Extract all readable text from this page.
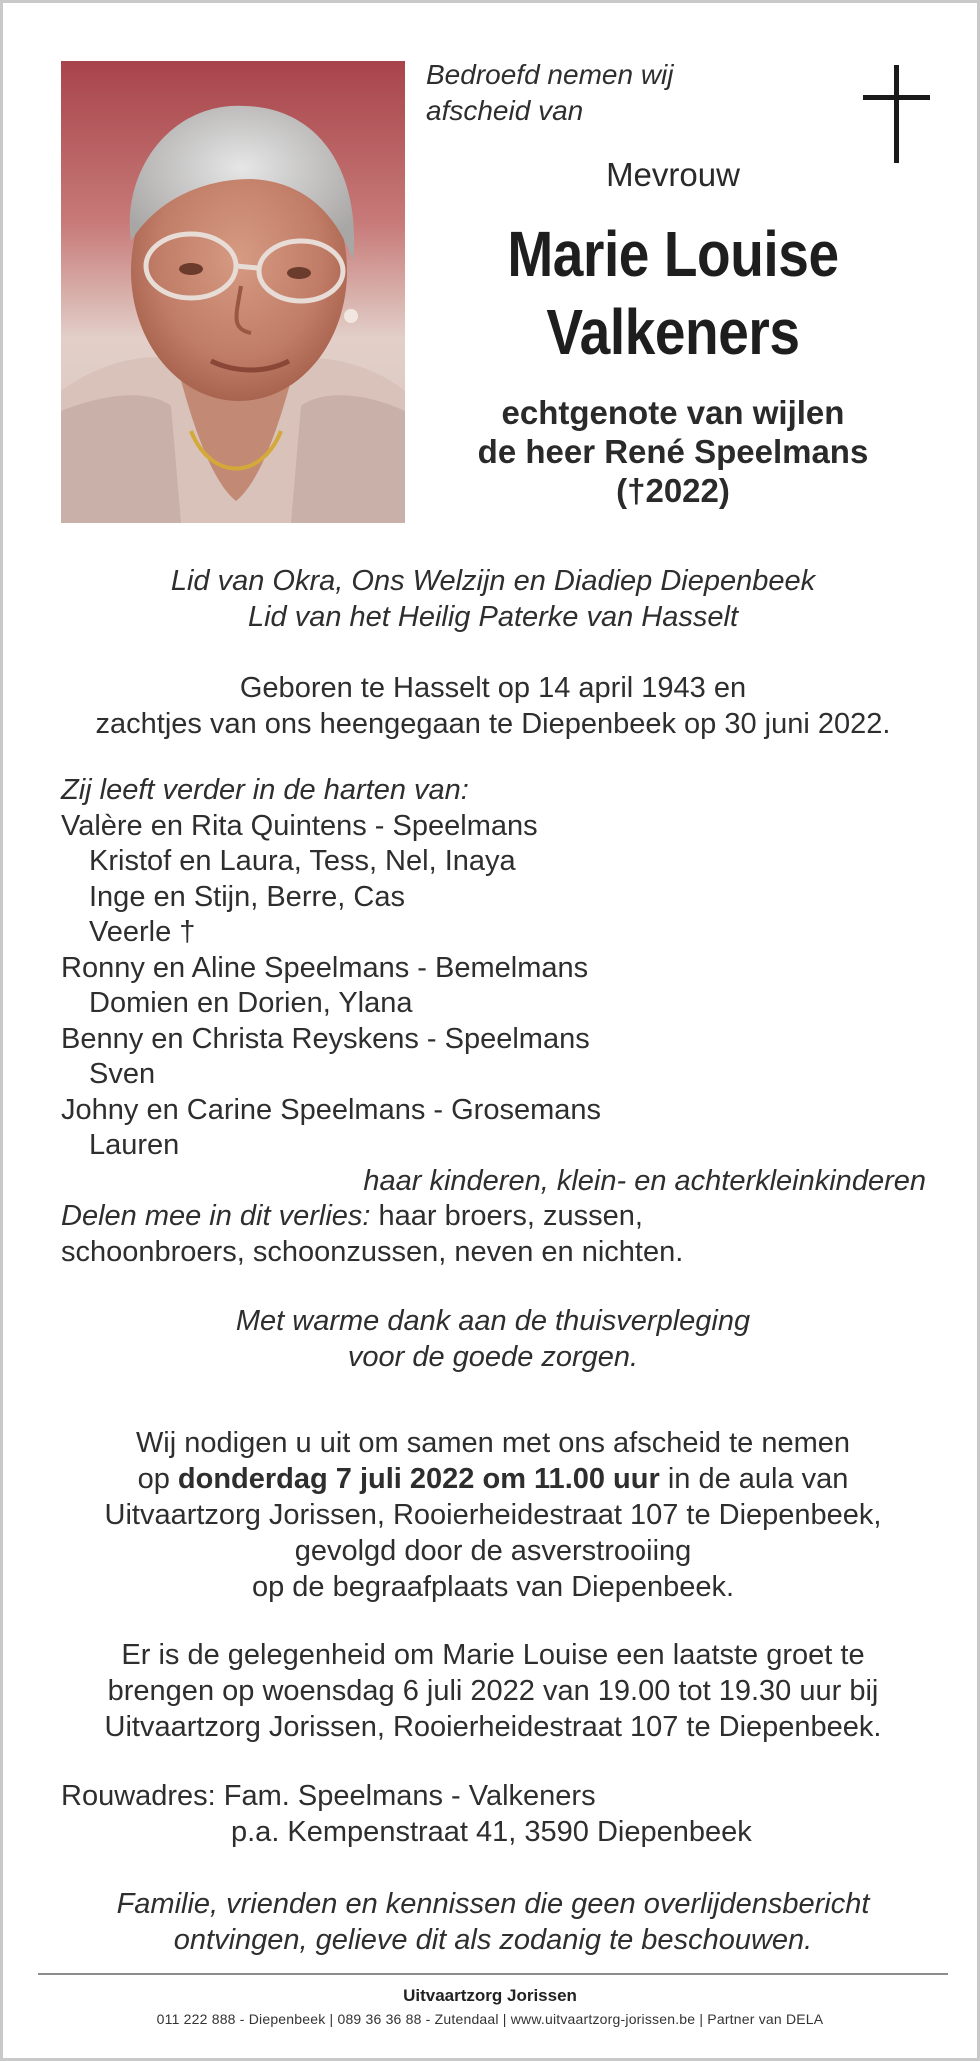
Bedroefd nemen wij
afscheid van
Mevrouw
Marie Louise
Valkeners
echtgenote van wijlen
de heer René Speelmans
(†2022)
Lid van Okra, Ons Welzijn en Diadiep Diepenbeek
Lid van het Heilig Paterke van Hasselt
Geboren te Hasselt op 14 april 1943 en
zachtjes van ons heengegaan te Diepenbeek op 30 juni 2022.
Zij leeft verder in de harten van:
Valère en Rita Quintens - Speelmans
Kristof en Laura, Tess, Nel, Inaya
Inge en Stijn, Berre, Cas
Veerle †
Ronny en Aline Speelmans - Bemelmans
Domien en Dorien, Ylana
Benny en Christa Reyskens - Speelmans
Sven
Johny en Carine Speelmans - Grosemans
Lauren
haar kinderen, klein- en achterkleinkinderen
Delen mee in dit verlies: haar broers, zussen,
schoonbroers, schoonzussen, neven en nichten.
Met warme dank aan de thuisverpleging
voor de goede zorgen.
Wij nodigen u uit om samen met ons afscheid te nemen
op donderdag 7 juli 2022 om 11.00 uur in de aula van
Uitvaartzorg Jorissen, Rooierheidestraat 107 te Diepenbeek,
gevolgd door de asverstrooiing
op de begraafplaats van Diepenbeek.
Er is de gelegenheid om Marie Louise een laatste groet te
brengen op woensdag 6 juli 2022 van 19.00 tot 19.30 uur bij
Uitvaartzorg Jorissen, Rooierheidestraat 107 te Diepenbeek.
Rouwadres: Fam. Speelmans - Valkeners
p.a. Kempenstraat 41, 3590 Diepenbeek
Familie, vrienden en kennissen die geen overlijdensbericht
ontvingen, gelieve dit als zodanig te beschouwen.
Uitvaartzorg Jorissen
011 222 888 - Diepenbeek | 089 36 36 88 - Zutendaal | www.uitvaartzorg-jorissen.be | Partner van DELA
